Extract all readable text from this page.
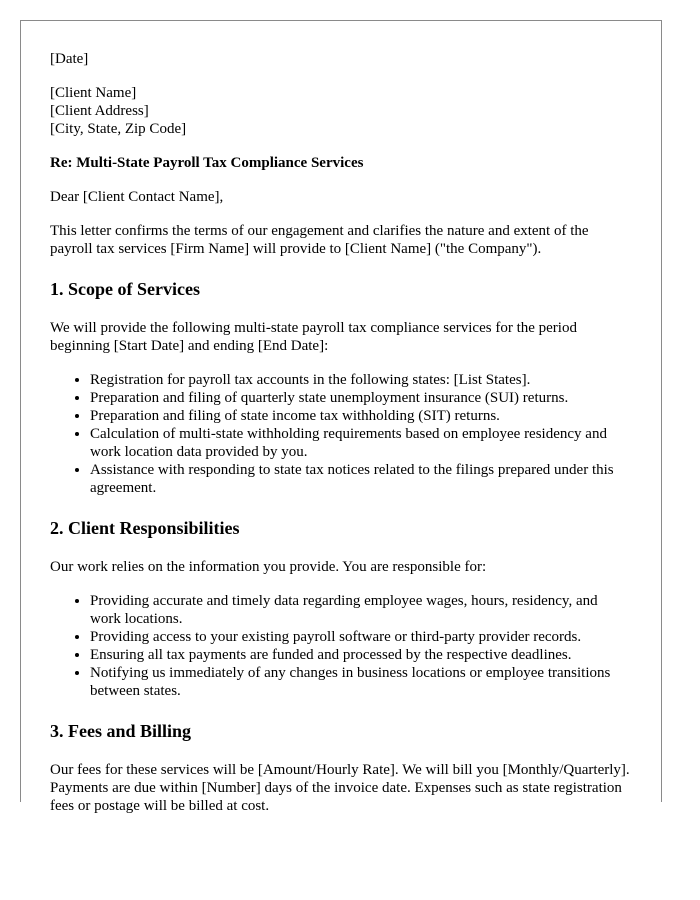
[Date]

[Client Name]
[Client Address]
[City, State, Zip Code]

Re: Multi-State Payroll Tax Compliance Services

Dear [Client Contact Name],

This letter confirms the terms of our engagement and clarifies the nature and extent of the payroll tax services [Firm Name] will provide to [Client Name] ("the Company").

1. Scope of Services

We will provide the following multi-state payroll tax compliance services for the period beginning [Start Date] and ending [End Date]:

• Registration for payroll tax accounts in the following states: [List States].
• Preparation and filing of quarterly state unemployment insurance (SUI) returns.
• Preparation and filing of state income tax withholding (SIT) returns.
• Calculation of multi-state withholding requirements based on employee residency and work location data provided by you.
• Assistance with responding to state tax notices related to the filings prepared under this agreement.
2. Client Responsibilities

Our work relies on the information you provide. You are responsible for:

• Providing accurate and timely data regarding employee wages, hours, residency, and work locations.
• Providing access to your existing payroll software or third-party provider records.
• Ensuring all tax payments are funded and processed by the respective deadlines.
• Notifying us immediately of any changes in business locations or employee transitions between states.
3. Fees and Billing

Our fees for these services will be [Amount/Hourly Rate]. We will bill you [Monthly/Quarterly]. Payments are due within [Number] days of the invoice date. Expenses such as state registration fees or postage will be billed at cost.
